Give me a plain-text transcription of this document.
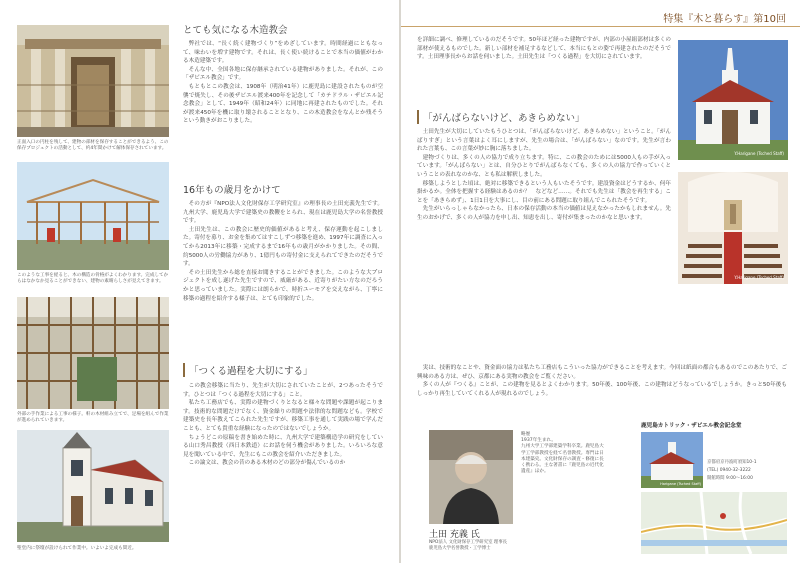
正面入口の円柱を残して、建物の部材を保存することができるよう、この保存プロジェクトの活動として、約4年間かけて解体保存されています。
このような工事を経ると、木の構造の骨格がよくわかります。完成してからはなかなか見ることができない、建物の素晴らしさが見えてきます。
外部の手作業による工事の様子。軒の木材組み立てで、足場を組んで作業が進められていきます。
聖堂内に祭壇が設けられて作業中。いよいよ完成も間近。
とても気になる木造教会

弊社では、“長く続く建物づくり”をめざしています。時間経過にともなって、味わいを増す建物です。それは、長く使い続けることで本当の価値がわかる木造建築です。

そんな中、全国各地に保存継承されている建物がありました。それが、この「ザビエル教会」です。

もともとこの教会は、1908年（明治41年）に鹿児島に建設されたものが空襲で焼失し、その後ザビエル渡来400年を記念して「カテドラル・ザビエル記念教会」として、1949年（昭和24年）に同地に再建されたものでした。それが渡来450年を機に取り壊されることとなり、この木造教会をなんとか残そうという動きがおこりました。

16年もの歳月をかけて

その方が『NPO法人文化財保存工学研究室』の理事長の土田充義先生です。九州大学、鹿児島大学で建築史の教鞭をとられ、現在は鹿児島大学の名誉教授です。

土田先生は、この教会に歴史的価値があると考え、保存運動を起こしました。寄付を募り、お金を集めてはすこしずつ移築を進め、1997年に調査に入ってから2013年に移築・完成するまで16年もの歳月がかかりました。その間、約5000人の労働協力があり、1億円もの寄付金に支えられてできたのだそうです。

その土田先生から総を直接お聞きすることができました。このような大プロジェクトを成し遂げた先生ですので、威厳がある、近寄りがたい方なのだろうかと思っていました。実際には朗らかで、時折ユーモアを交えながら、丁寧に移築の過程を紹介する様子は、とても印象的でした。

「つくる過程を大切にする」

この教会移築に当たり、先生が大切にされていたことが、2つあったそうです。ひとつは「つくる過程を大切にする」こと。

私たち工務店でも、実際の建物づくりとなると様々な問題や課題が起こります。技術的な問題だけでなく、資金繰りの問題や法律的な問題なども。学校で建築史を長年教えてこられた先生ですが、移築工事を通して実践の場で学んだことも、とても貴重な経験になったのではないでしょうか。

ちょうどこの原稿を書き始めた時に、九州大学で建築構造学の研究をしている山口秀昌教授（西日本鉄道）にお話を伺う機会がありました。いろいろな意見を聞いている中で、先生にもこの教会を紹介いただきました。

この論文は、教会の昔のある木材のどの部分が傷んでいるのか

特集『木と暮らす』第10回

を詳細に調べ、修理しているのだそうです。50年ほど経った建物ですが、内部の小屋組部材は多くの部材が使えるものでした。新しい部材を補足するなどして、本当にもとの姿で再建されたのだそうです。土田理事長からお話を伺いました。土田先生は「つくる過程」を大切にされています。

「がんばらないけど、あきらめない」

土田先生が大切にしていたもうひとつは、「がんばらないけど、あきらめない」ということ。「がんばりすぎ」という言葉はよく耳にしますが、先生の場合は、「がんばらない」なのです。先生が言われた言葉も、この言葉が妙に胸に落ちました。

建物づくりは、多くの人の協力で成り立ちます。特に、この教会のためには5000人もの手が入っています。「がんばらない」とは、自分ひとりでがんばらなくても、多くの人の協力で作っていくということの表れなのかな、とも私は解釈しました。

移築しようとした頃は、絶対に移築できるという人もいたそうです。建設資金はどうするか、何年掛かるか。全体を把握する経験はあるのか？　などなど……。それでも先生は「教会を再生する」ことを「あきらめず」、1日1日を大事にし、目の前にある問題に取り組んでこられたそうです。

先生がいらっしゃらなかったら、日本の保存活動の本当の価値は見えなかったかもしれません。先生のおかげで、多くの人が協力を申し出、知恵を出し、寄付が集まったのかなと思います。

Y.Harigane (Tsched Staff)
Y.Harigane (Tsched Staff)

実は、技術的なことや、資金面の協力は私たち工務店もこういった協力ができることを考えます。今回は紙面の都合もあるのでこのあたりで、ご興味のある方は、ぜひ、京都にある実物の教会をご覧ください。

多くの人が『つくる』ことが、この建物を見るとよくわかります。50年後、100年後、この建物はどうなっているでしょうか。きっと50年後もしっかり再生していてくれる人が現れるのでしょう。

略歴
1937年生まれ。
九州大学工学部建築学科卒業。鹿児島大学工学部教授を経て名誉教授。専門は日本建築史。文化財保存の調査・修復に長く携わる。主な著書に『鹿児島の近代化遺産』ほか。
土田 充義 氏
NPO法人 文化財保存工学研究室 理事長
鹿児島大学名誉教授・工学博士
鹿児島カトリック・ザビエル教会記念堂
Harigane (Tsched Staff)
京都府京丹波町須知10-1
(TEL) 0940-32-3222
開館時間 9:00〜16:00
